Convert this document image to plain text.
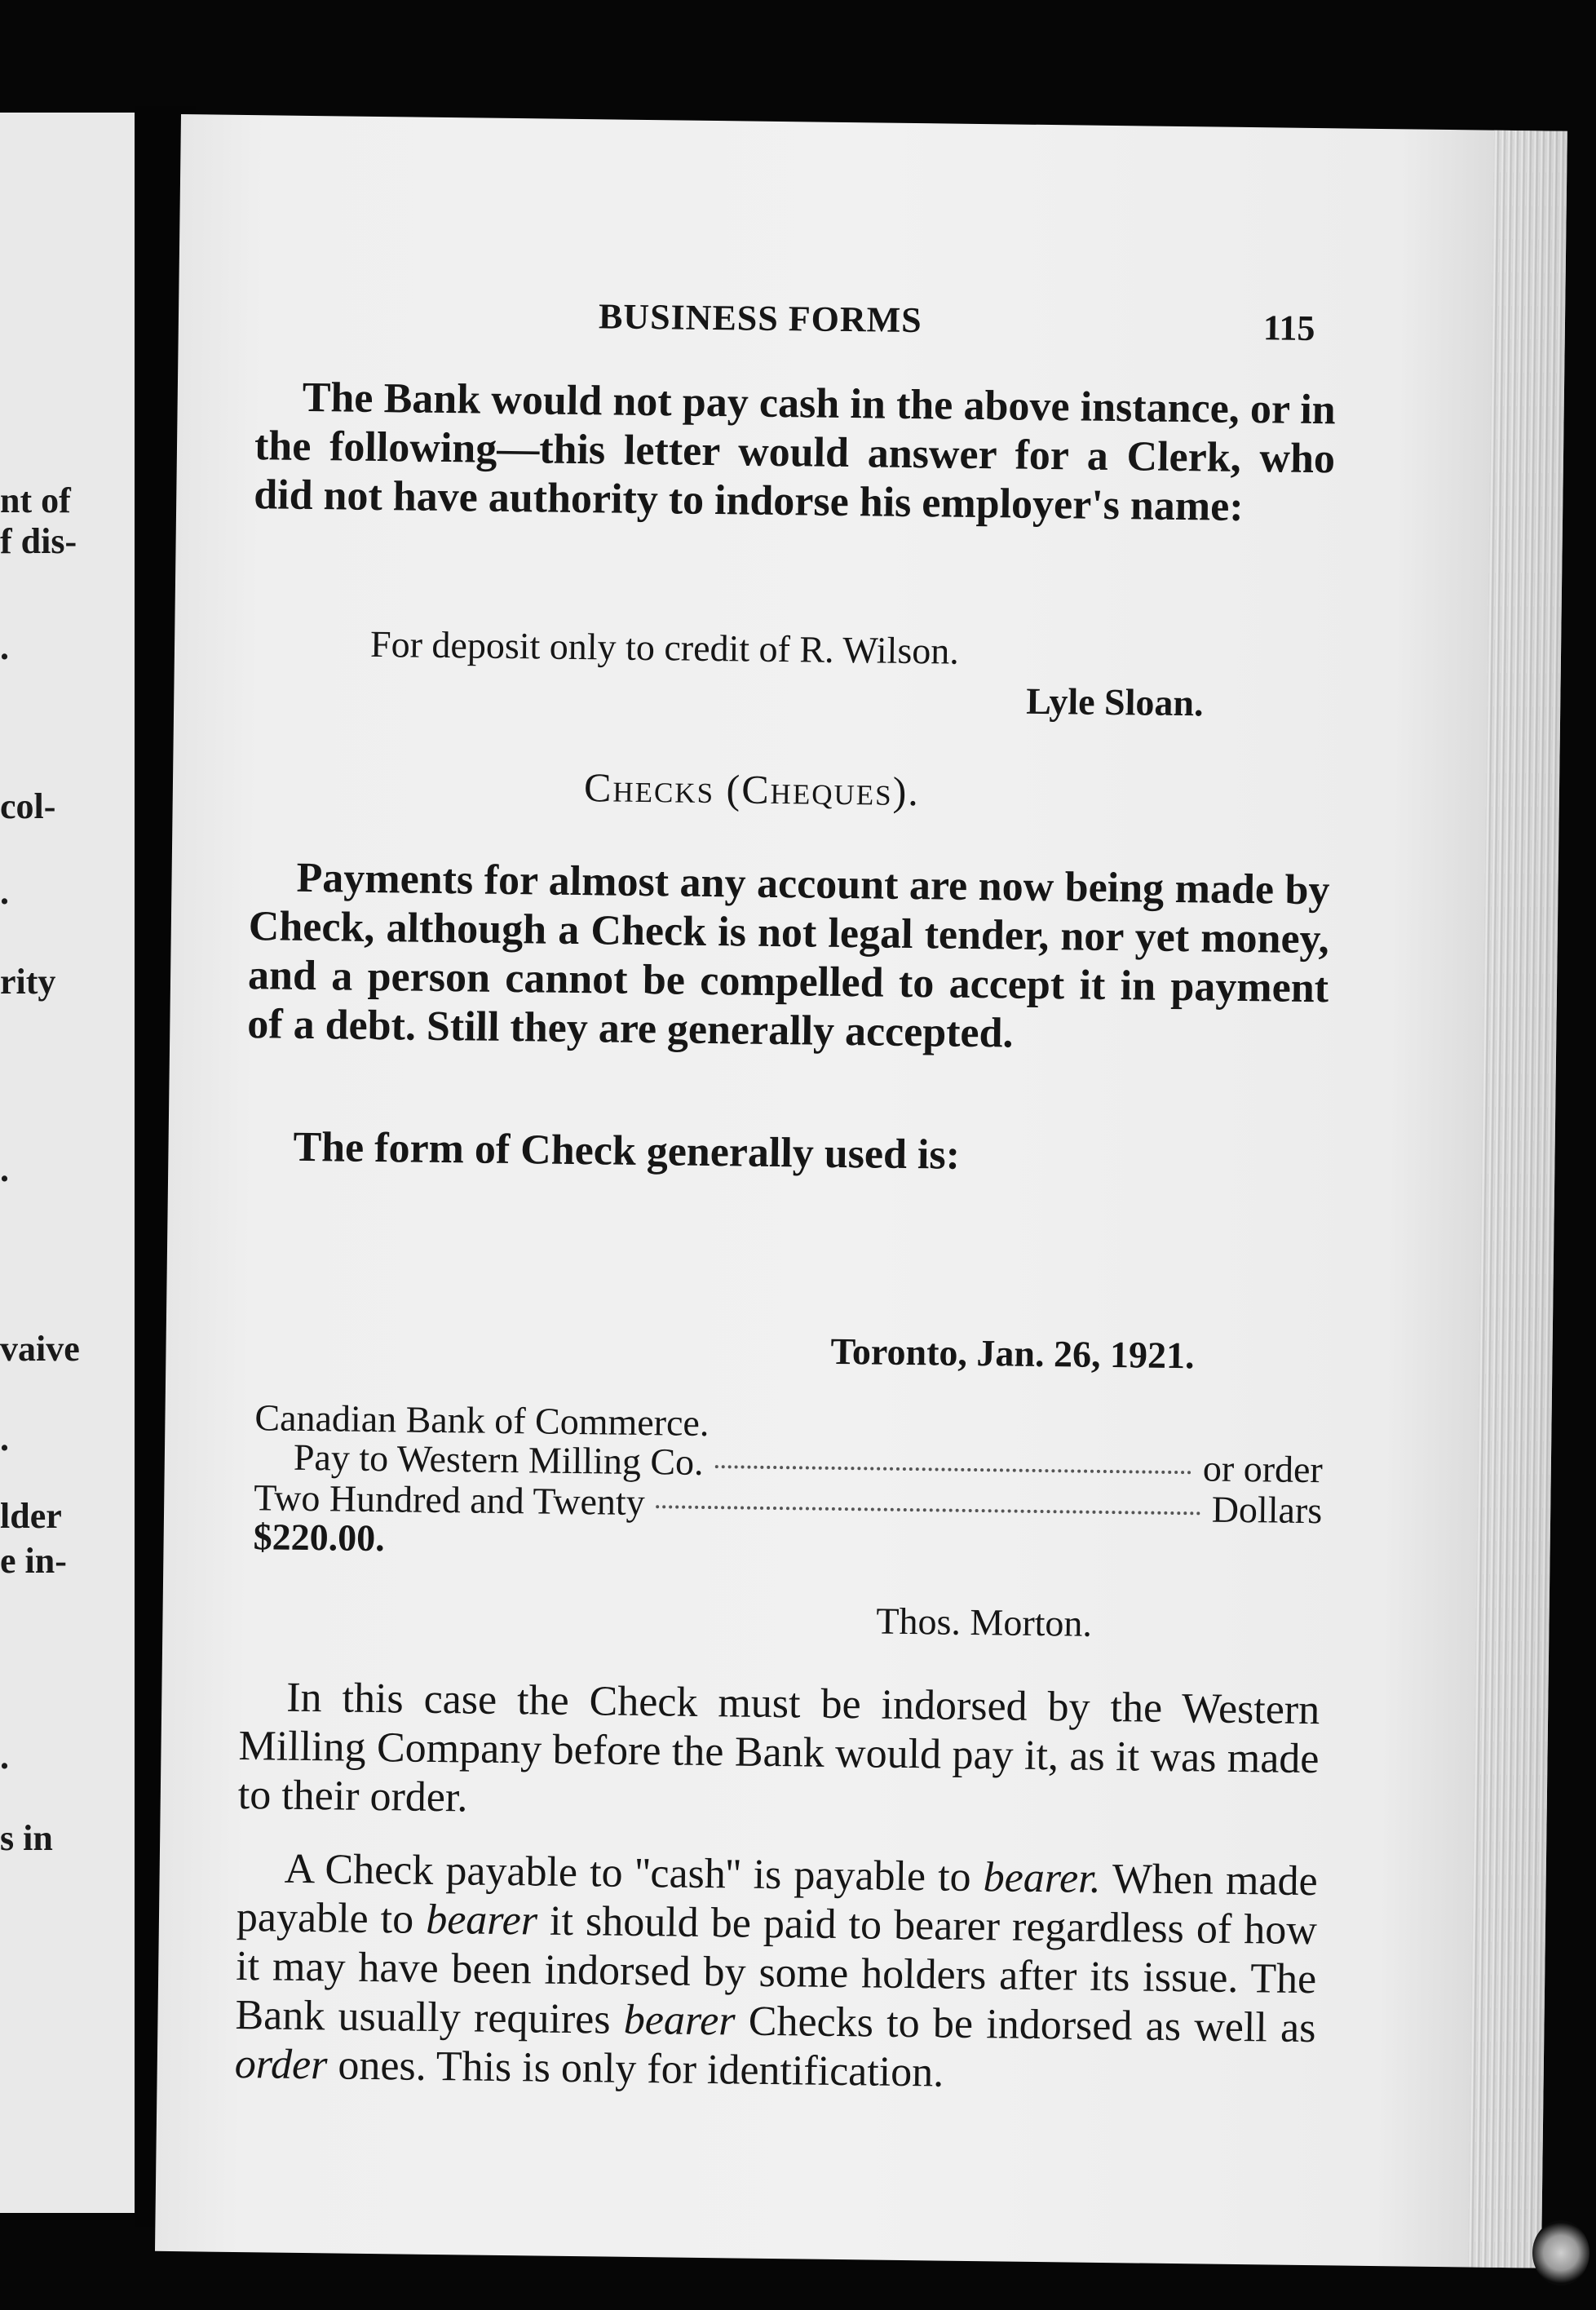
nt of
f dis-
.
col-
.
rity
.
vaive
.
lder
e in-
.
s in
BUSINESS FORMS	115

The Bank would not pay cash in the above instance, or in the following—this letter would answer for a Clerk, who did not have authority to indorse his employer's name:

For deposit only to credit of R. Wilson.
Lyle Sloan.
Checks (Cheques).

Payments for almost any account are now being made by Check, although a Check is not legal tender, nor yet money, and a person cannot be compelled to accept it in payment of a debt. Still they are generally accepted.

The form of Check generally used is:

Toronto, Jan. 26, 1921.
Canadian Bank of Commerce.
Pay to Western Milling Co.	or order
Two Hundred and Twenty	Dollars
$220.00.
Thos. Morton.

In this case the Check must be indorsed by the Western Milling Company before the Bank would pay it, as it was made to their order.

A Check payable to ''cash'' is payable to bearer. When made payable to bearer it should be paid to bearer regardless of how it may have been indorsed by some holders after its issue. The Bank usually requires bearer Checks to be indorsed as well as order ones. This is only for identification.
